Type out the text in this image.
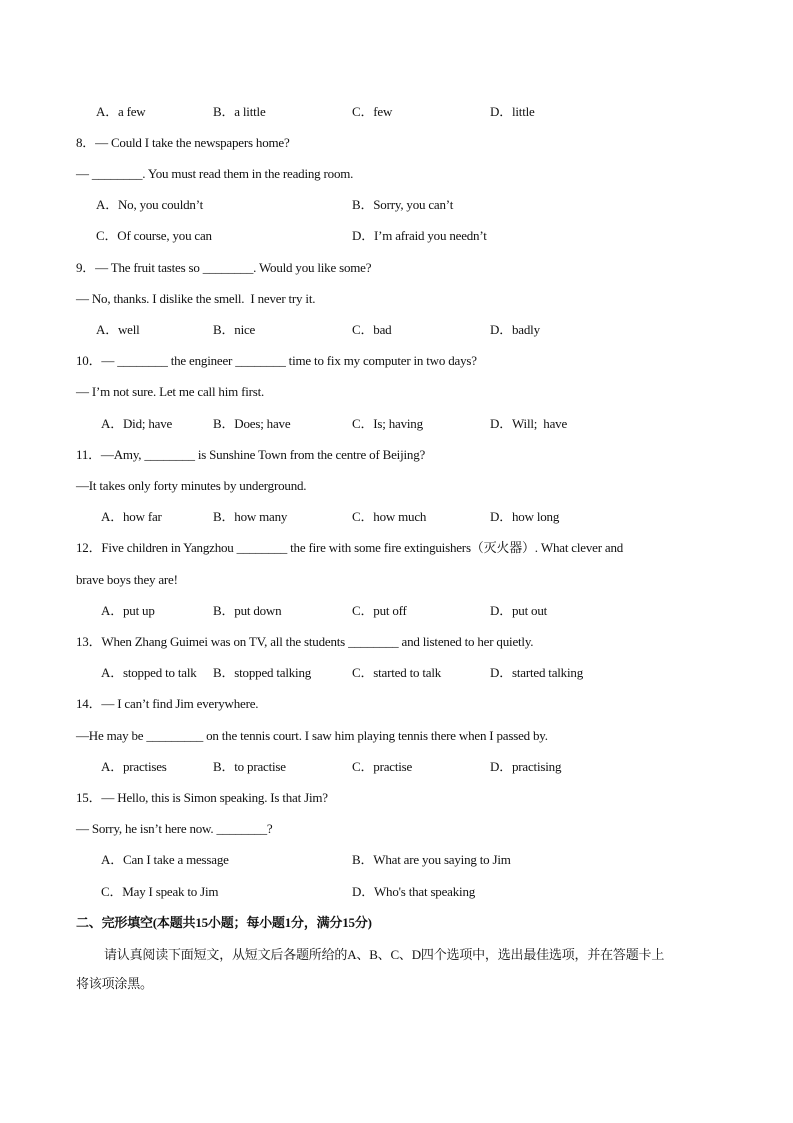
A．a few	B．a little	C．few	D．little
8．— Could I take the newspapers home?
— ________. You must read them in the reading room.
A．No, you couldn’t	B．Sorry, you can’t
C．Of course, you can	D．I’m afraid you needn’t
9．— The fruit tastes so ________. Would you like some?
— No, thanks. I dislike the smell.  I never try it.
A．well	B．nice	C．bad	D．badly
10．— ________ the engineer ________ time to fix my computer in two days?
— I’m not sure. Let me call him first.
A．Did; have	B．Does; have	C．Is; having	D．Will;  have
11．—Amy, ________ is Sunshine Town from the centre of Beijing?
—It takes only forty minutes by underground.
A．how far	B．how many	C．how much	D．how long
12．Five children in Yangzhou ________ the fire with some fire extinguishers（灭火器）. What clever and
brave boys they are!
A．put up	B．put down	C．put off	D．put out
13．When Zhang Guimei was on TV, all the students ________ and listened to her quietly.
A．stopped to talk B．stopped talking	C．started to talk	D．started talking
14．— I can’t find Jim everywhere.
—He may be _________ on the tennis court. I saw him playing tennis there when I passed by.
A．practises	B．to practise	C．practise	D．practising
15．— Hello, this is Simon speaking. Is that Jim?
— Sorry, he isn’t here now. ________?
A．Can I take a message	B．What are you saying to Jim
C．May I speak to Jim	D．Who's that speaking
二、完形填空(本题共15小题；每小题1分，满分15分)
请认真阅读下面短文，从短文后各题所给的A、B、C、D四个选项中，选出最佳选项，并在答题卡上
将该项涂黑。
